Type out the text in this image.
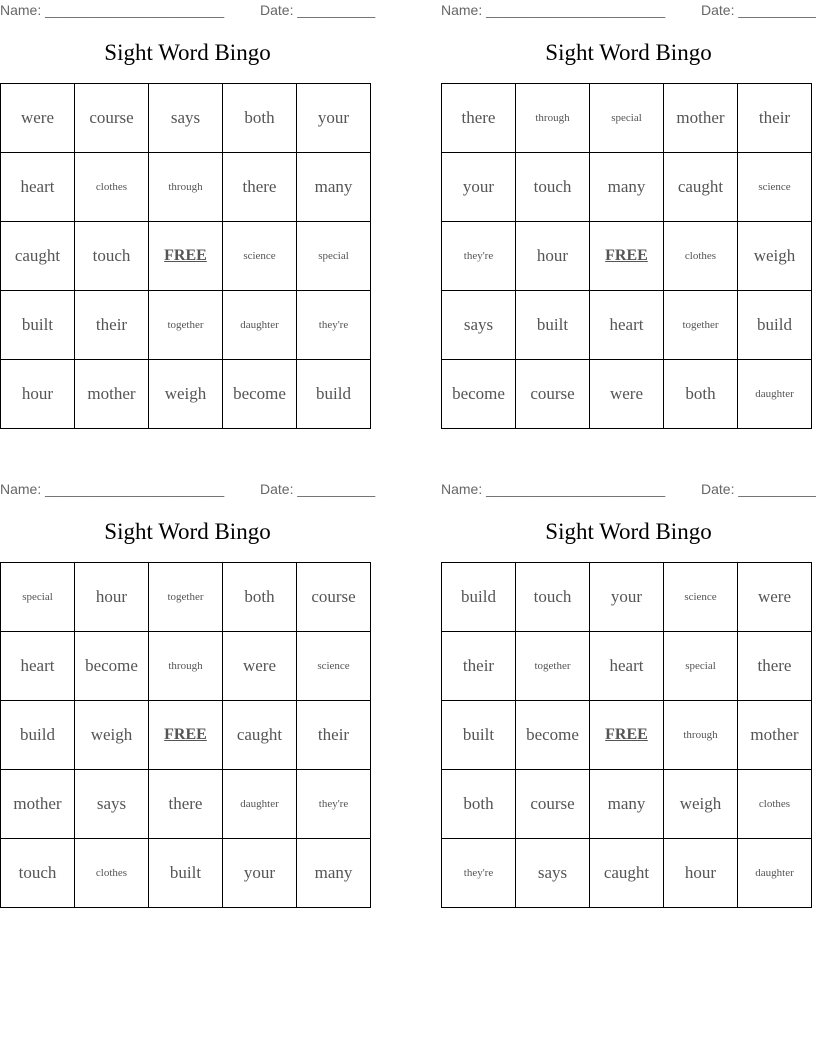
Name: _______________________	Date: __________
Sight Word Bingo
were	course	says	both	your
heart	clothes	through	there	many
caught	touch	FREE	science	special
built	their	together	daughter	they're
hour	mother	weigh	become	build
Name: _______________________	Date: __________
Sight Word Bingo
there	through	special	mother	their
your	touch	many	caught	science
they're	hour	FREE	clothes	weigh
says	built	heart	together	build
become	course	were	both	daughter
Name: _______________________	Date: __________
Sight Word Bingo
special	hour	together	both	course
heart	become	through	were	science
build	weigh	FREE	caught	their
mother	says	there	daughter	they're
touch	clothes	built	your	many
Name: _______________________	Date: __________
Sight Word Bingo
build	touch	your	science	were
their	together	heart	special	there
built	become	FREE	through	mother
both	course	many	weigh	clothes
they're	says	caught	hour	daughter
